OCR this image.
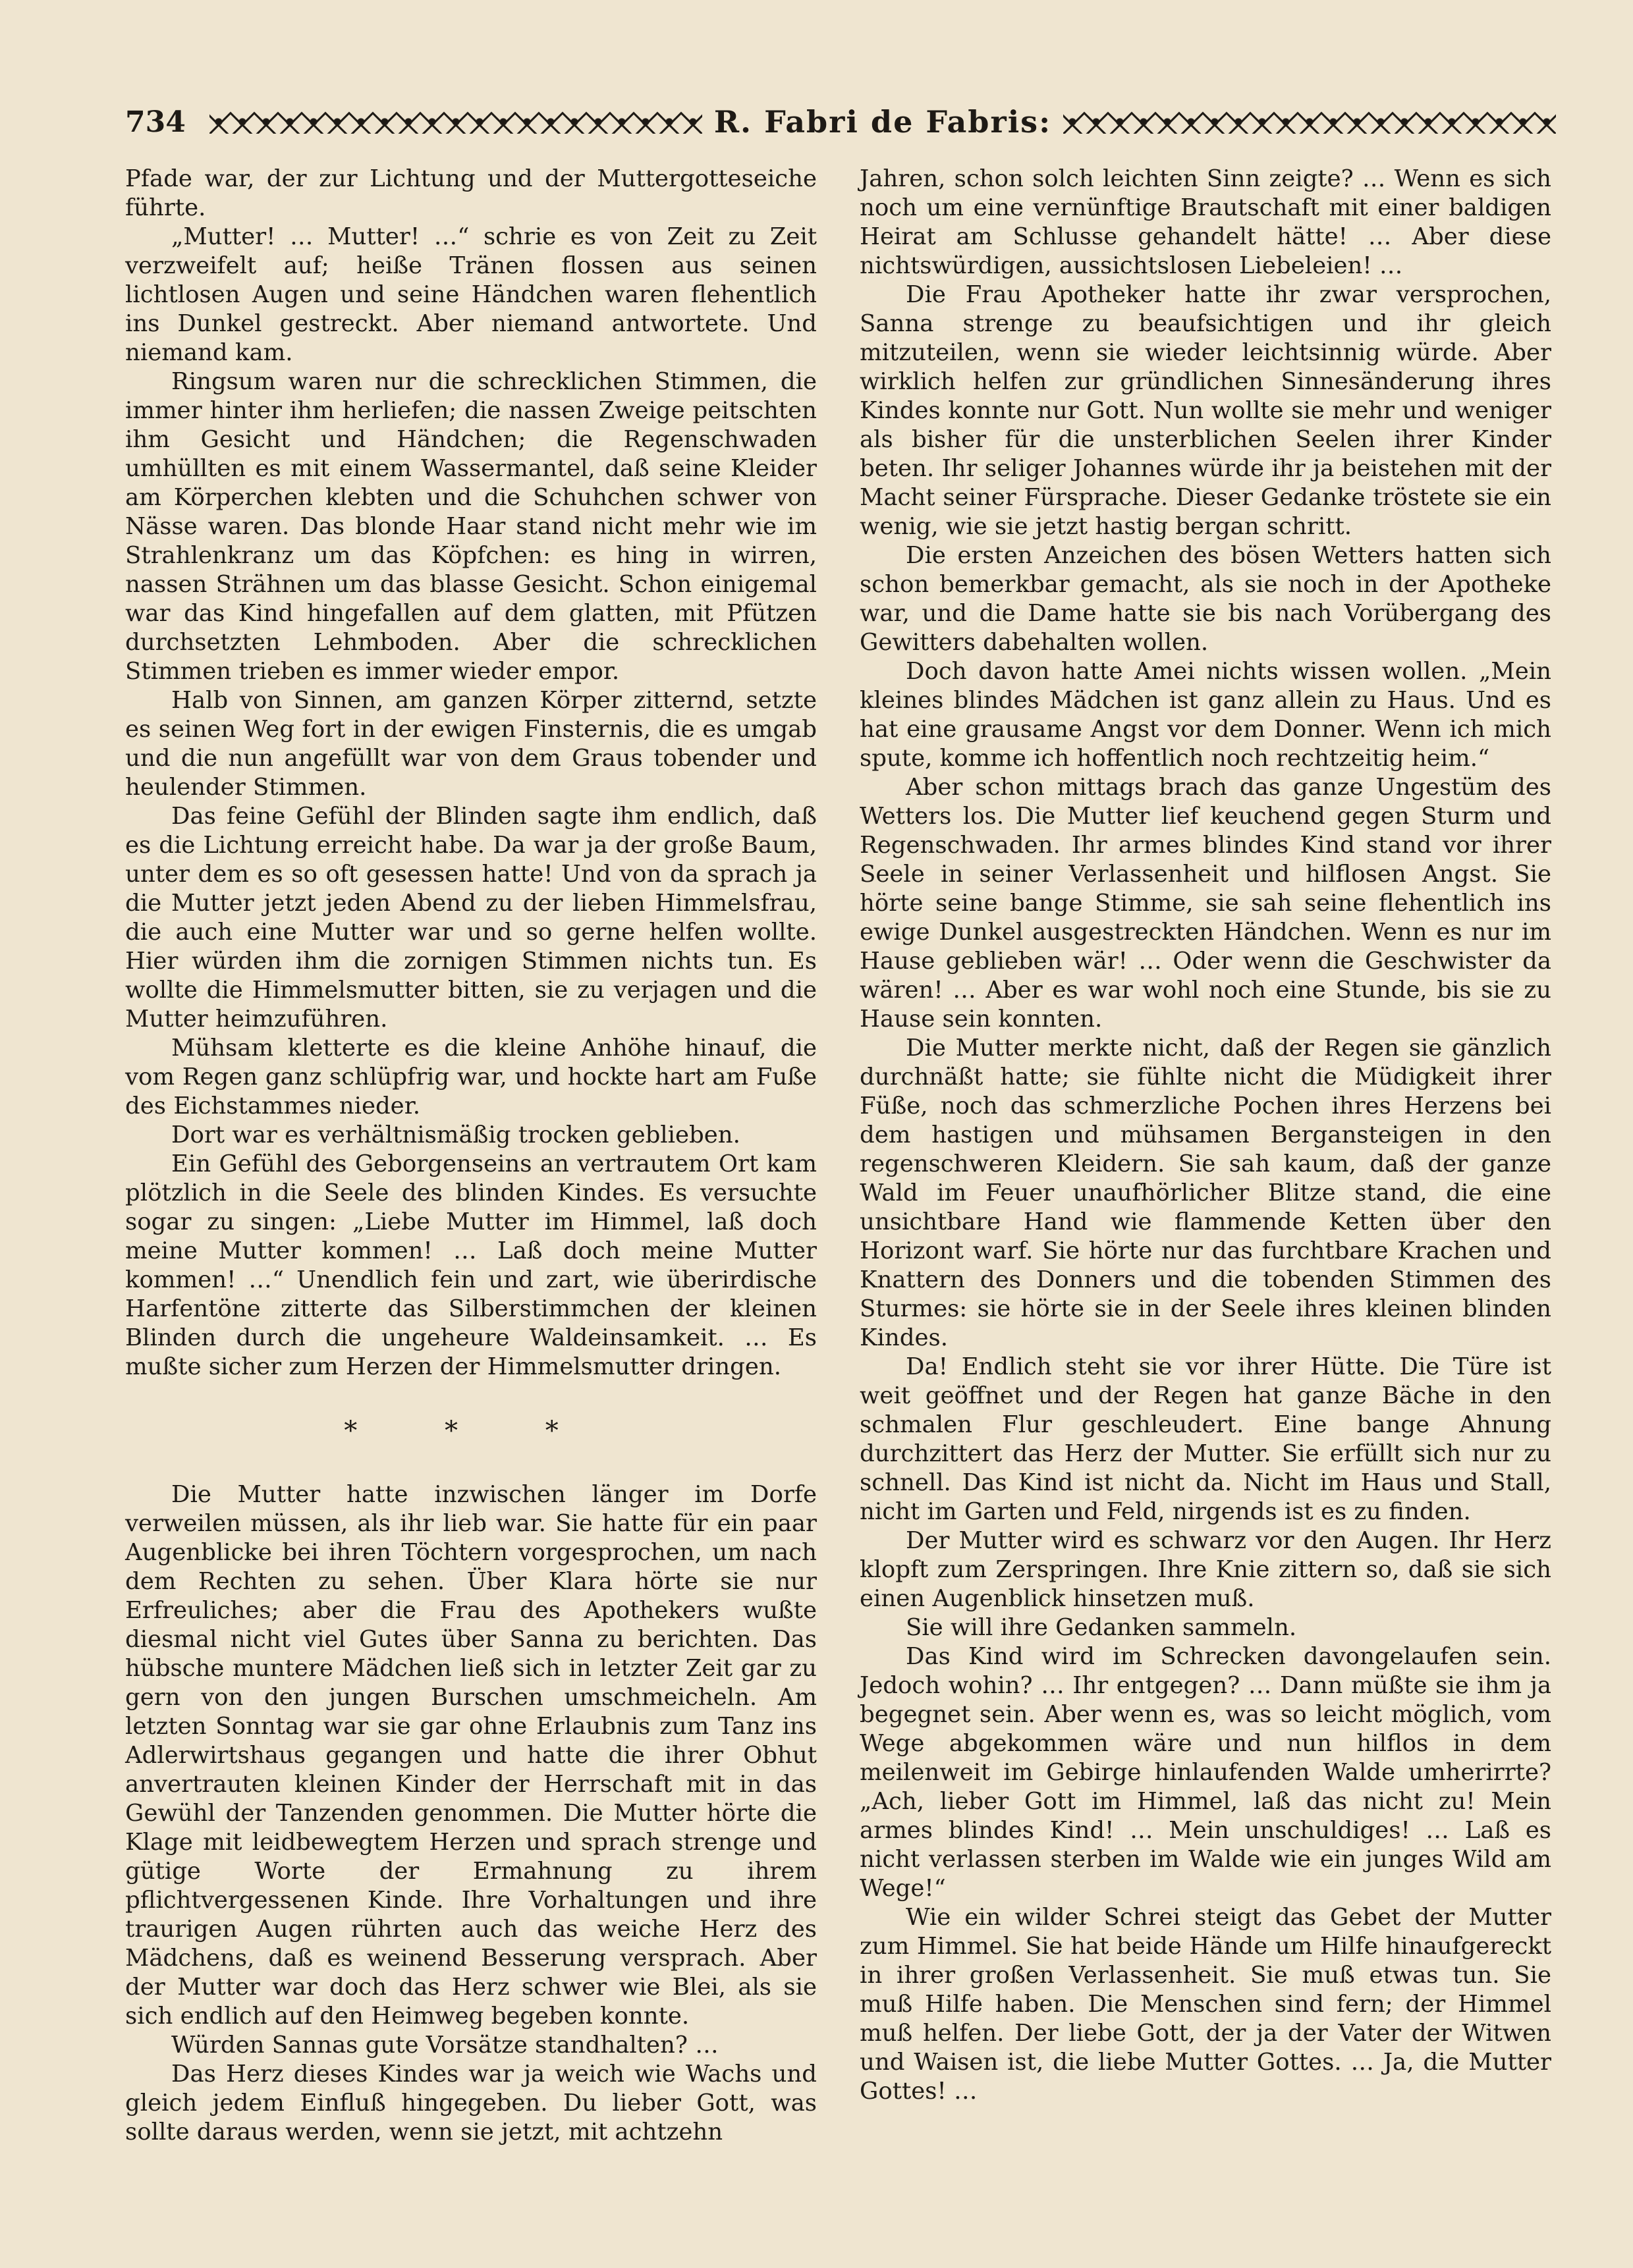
734	R. Fabri de Fabris:

Pfade war, der zur Lichtung und der Muttergotteseiche führte.

„Mutter! … Mutter! …“ schrie es von Zeit zu Zeit verzweifelt auf; heiße Tränen flossen aus seinen lichtlosen Augen und seine Händchen waren flehentlich ins Dunkel gestreckt. Aber niemand antwortete. Und niemand kam.

Ringsum waren nur die schrecklichen Stimmen, die immer hinter ihm herliefen; die nassen Zweige peitschten ihm Gesicht und Händchen; die Regenschwaden umhüllten es mit einem Wassermantel, daß seine Kleider am Körperchen klebten und die Schuhchen schwer von Nässe waren. Das blonde Haar stand nicht mehr wie im Strahlenkranz um das Köpfchen: es hing in wirren, nassen Strähnen um das blasse Gesicht. Schon einigemal war das Kind hingefallen auf dem glatten, mit Pfützen durchsetzten Lehmboden. Aber die schrecklichen Stimmen trieben es immer wieder empor.

Halb von Sinnen, am ganzen Körper zitternd, setzte es seinen Weg fort in der ewigen Finsternis, die es umgab und die nun angefüllt war von dem Graus tobender und heulender Stimmen.

Das feine Gefühl der Blinden sagte ihm endlich, daß es die Lichtung erreicht habe. Da war ja der große Baum, unter dem es so oft gesessen hatte! Und von da sprach ja die Mutter jetzt jeden Abend zu der lieben Himmelsfrau, die auch eine Mutter war und so gerne helfen wollte. Hier würden ihm die zornigen Stimmen nichts tun. Es wollte die Himmelsmutter bitten, sie zu verjagen und die Mutter heimzuführen.

Mühsam kletterte es die kleine Anhöhe hinauf, die vom Regen ganz schlüpfrig war, und hockte hart am Fuße des Eichstammes nieder.

Dort war es verhältnismäßig trocken geblieben.

Ein Gefühl des Geborgenseins an vertrautem Ort kam plötzlich in die Seele des blinden Kindes. Es versuchte sogar zu singen: „Liebe Mutter im Himmel, laß doch meine Mutter kommen! … Laß doch meine Mutter kommen! …“ Unendlich fein und zart, wie überirdische Harfentöne zitterte das Silberstimmchen der kleinen Blinden durch die ungeheure Waldeinsamkeit. … Es mußte sicher zum Herzen der Himmelsmutter dringen.

* * *

Die Mutter hatte inzwischen länger im Dorfe verweilen müssen, als ihr lieb war. Sie hatte für ein paar Augenblicke bei ihren Töchtern vorgesprochen, um nach dem Rechten zu sehen. Über Klara hörte sie nur Erfreuliches; aber die Frau des Apothekers wußte diesmal nicht viel Gutes über Sanna zu berichten. Das hübsche muntere Mädchen ließ sich in letzter Zeit gar zu gern von den jungen Burschen umschmeicheln. Am letzten Sonntag war sie gar ohne Erlaubnis zum Tanz ins Adlerwirtshaus gegangen und hatte die ihrer Obhut anvertrauten kleinen Kinder der Herrschaft mit in das Gewühl der Tanzenden genommen. Die Mutter hörte die Klage mit leidbewegtem Herzen und sprach strenge und gütige Worte der Ermahnung zu ihrem pflichtvergessenen Kinde. Ihre Vorhaltungen und ihre traurigen Augen rührten auch das weiche Herz des Mädchens, daß es weinend Besserung versprach. Aber der Mutter war doch das Herz schwer wie Blei, als sie sich endlich auf den Heimweg begeben konnte.

Würden Sannas gute Vorsätze standhalten? …

Das Herz dieses Kindes war ja weich wie Wachs und gleich jedem Einfluß hingegeben. Du lieber Gott, was sollte daraus werden, wenn sie jetzt, mit achtzehn

Jahren, schon solch leichten Sinn zeigte? … Wenn es sich noch um eine vernünftige Brautschaft mit einer baldigen Heirat am Schlusse gehandelt hätte! … Aber diese nichtswürdigen, aussichtslosen Liebeleien! …

Die Frau Apotheker hatte ihr zwar versprochen, Sanna strenge zu beaufsichtigen und ihr gleich mitzuteilen, wenn sie wieder leichtsinnig würde. Aber wirklich helfen zur gründlichen Sinnesänderung ihres Kindes konnte nur Gott. Nun wollte sie mehr und weniger als bisher für die unsterblichen Seelen ihrer Kinder beten. Ihr seliger Johannes würde ihr ja beistehen mit der Macht seiner Fürsprache. Dieser Gedanke tröstete sie ein wenig, wie sie jetzt hastig bergan schritt.

Die ersten Anzeichen des bösen Wetters hatten sich schon bemerkbar gemacht, als sie noch in der Apotheke war, und die Dame hatte sie bis nach Vorübergang des Gewitters dabehalten wollen.

Doch davon hatte Amei nichts wissen wollen. „Mein kleines blindes Mädchen ist ganz allein zu Haus. Und es hat eine grausame Angst vor dem Donner. Wenn ich mich spute, komme ich hoffentlich noch rechtzeitig heim.“

Aber schon mittags brach das ganze Ungestüm des Wetters los. Die Mutter lief keuchend gegen Sturm und Regenschwaden. Ihr armes blindes Kind stand vor ihrer Seele in seiner Verlassenheit und hilflosen Angst. Sie hörte seine bange Stimme, sie sah seine flehentlich ins ewige Dunkel ausgestreckten Händchen. Wenn es nur im Hause geblieben wär! … Oder wenn die Geschwister da wären! … Aber es war wohl noch eine Stunde, bis sie zu Hause sein konnten.

Die Mutter merkte nicht, daß der Regen sie gänzlich durchnäßt hatte; sie fühlte nicht die Müdigkeit ihrer Füße, noch das schmerzliche Pochen ihres Herzens bei dem hastigen und mühsamen Bergansteigen in den regenschweren Kleidern. Sie sah kaum, daß der ganze Wald im Feuer unaufhörlicher Blitze stand, die eine unsichtbare Hand wie flammende Ketten über den Horizont warf. Sie hörte nur das furchtbare Krachen und Knattern des Donners und die tobenden Stimmen des Sturmes: sie hörte sie in der Seele ihres kleinen blinden Kindes.

Da! Endlich steht sie vor ihrer Hütte. Die Türe ist weit geöffnet und der Regen hat ganze Bäche in den schmalen Flur geschleudert. Eine bange Ahnung durchzittert das Herz der Mutter. Sie erfüllt sich nur zu schnell. Das Kind ist nicht da. Nicht im Haus und Stall, nicht im Garten und Feld, nirgends ist es zu finden.

Der Mutter wird es schwarz vor den Augen. Ihr Herz klopft zum Zerspringen. Ihre Knie zittern so, daß sie sich einen Augenblick hinsetzen muß.

Sie will ihre Gedanken sammeln.

Das Kind wird im Schrecken davongelaufen sein. Jedoch wohin? … Ihr entgegen? … Dann müßte sie ihm ja begegnet sein. Aber wenn es, was so leicht möglich, vom Wege abgekommen wäre und nun hilflos in dem meilenweit im Gebirge hinlaufenden Walde umherirrte? „Ach, lieber Gott im Himmel, laß das nicht zu! Mein armes blindes Kind! … Mein unschuldiges! … Laß es nicht verlassen sterben im Walde wie ein junges Wild am Wege!“

Wie ein wilder Schrei steigt das Gebet der Mutter zum Himmel. Sie hat beide Hände um Hilfe hinaufgereckt in ihrer großen Verlassenheit. Sie muß etwas tun. Sie muß Hilfe haben. Die Menschen sind fern; der Himmel muß helfen. Der liebe Gott, der ja der Vater der Witwen und Waisen ist, die liebe Mutter Gottes. … Ja, die Mutter Gottes! …
